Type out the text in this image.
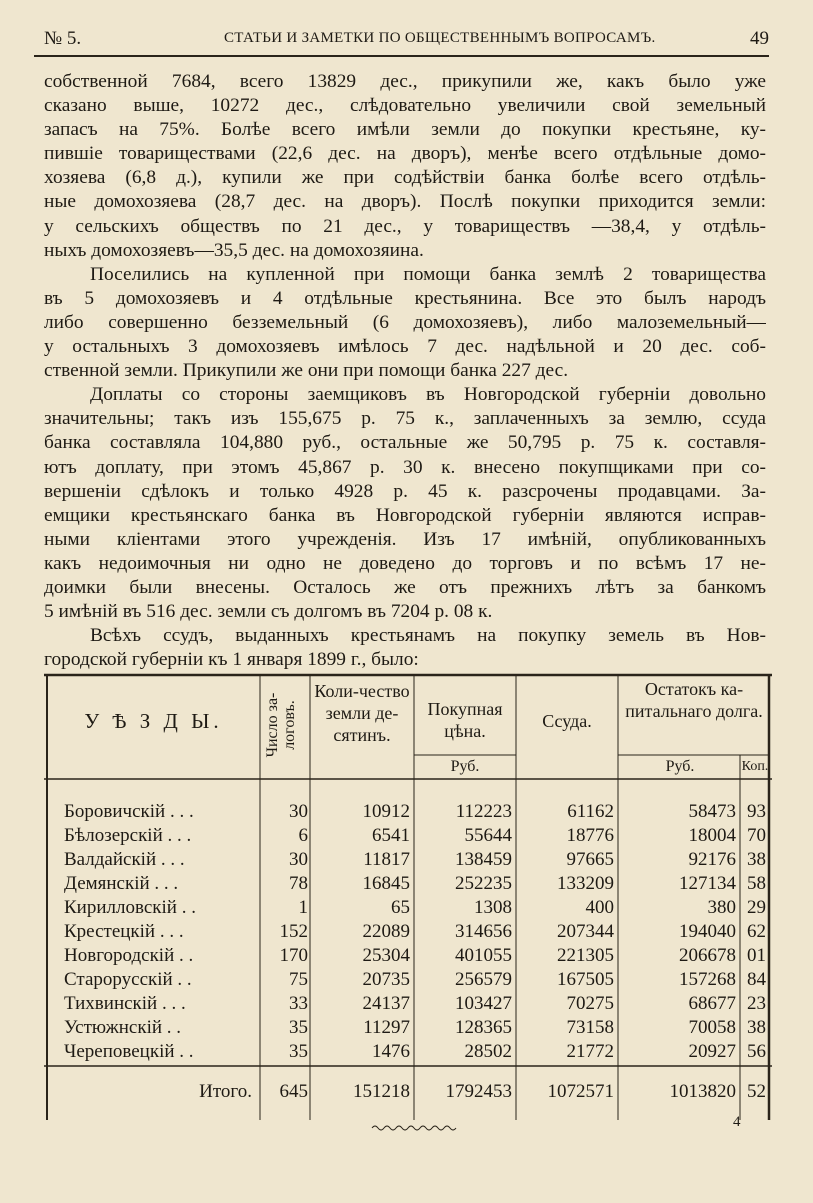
№ 5.	СТАТЬИ И ЗАМЕТКИ ПО ОБЩЕСТВЕННЫМЪ ВОПРОСАМЪ.	49
собственной 7684, всего 13829 дес., прикупили же, какъ было уже
сказано выше, 10272 дес., слѣдовательно увеличили свой земельный
запасъ на 75%. Болѣе всего имѣли земли до покупки крестьяне, ку-
пившіе товариществами (22,6 дес. на дворъ), менѣе всего отдѣльные домо-
хозяева (6,8 д.), купили же при содѣйствіи банка болѣе всего отдѣль-
ные домохозяева (28,7 дес. на дворъ). Послѣ покупки приходится земли:
у сельскихъ обществъ по 21 дес., у товариществъ —38,4, у отдѣль-
ныхъ домохозяевъ—35,5 дес. на домохозяина.
Поселились на купленной при помощи банка землѣ 2 товарищества
въ 5 домохозяевъ и 4 отдѣльные крестьянина. Все это былъ народъ
либо совершенно безземельный (6 домохозяевъ), либо малоземельный—
у остальныхъ 3 домохозяевъ имѣлось 7 дес. надѣльной и 20 дес. соб-
ственной земли. Прикупили же они при помощи банка 227 дес.
Доплаты со стороны заемщиковъ въ Новгородской губерніи довольно
значительны; такъ изъ 155,675 р. 75 к., заплаченныхъ за землю, ссуда
банка составляла 104,880 руб., остальные же 50,795 р. 75 к. составля-
ютъ доплату, при этомъ 45,867 р. 30 к. внесено покупщиками при со-
вершеніи сдѣлокъ и только 4928 р. 45 к. разсрочены продавцами. За-
емщики крестьянскаго банка въ Новгородской губерніи являются исправ-
ными кліентами этого учрежденія. Изъ 17 имѣній, опубликованныхъ
какъ недоимочныя ни одно не доведено до торговъ и по всѣмъ 17 не-
доимки были внесены. Осталось же отъ прежнихъ лѣтъ за банкомъ
5 имѣній въ 516 дес. земли съ долгомъ въ 7204 р. 08 к.
Всѣхъ ссудъ, выданныхъ крестьянамъ на покупку земель въ Нов-
городской губерніи къ 1 января 1899 г., было:
У Ѣ З Д Ы.	Число за-логовъ.
Коли-чество земли де-сятинъ.
Покупная цѣна.	Ссуда.
Остатокъ ка-питальнаго долга.
Руб.	Руб.	Коп.
Боровичскій . . .	30	10912	112223	61162	58473 93
Бѣлозерскій . . .	6	6541	55644	18776	18004 70
Валдайскій . . .	30	11817	138459	97665	92176 38
Демянскій . . .	78	16845	252235	133209	127134 58
Кирилловскій . .	1	65	1308	400	380 29
Крестецкій . . .	152	22089	314656	207344	194040 62
Новгородскій . .	170	25304	401055	221305	206678 01
Старорусскій . .	75	20735	256579	167505	157268 84
Тихвинскій . . .	33	24137	103427	70275	68677 23
Устюжнскій . .	35	11297	128365	73158	70058 38
Череповецкій . .	35	1476	28502	21772	20927 56
Итого.	645	151218	1792453	1072571	1013820 52
4
